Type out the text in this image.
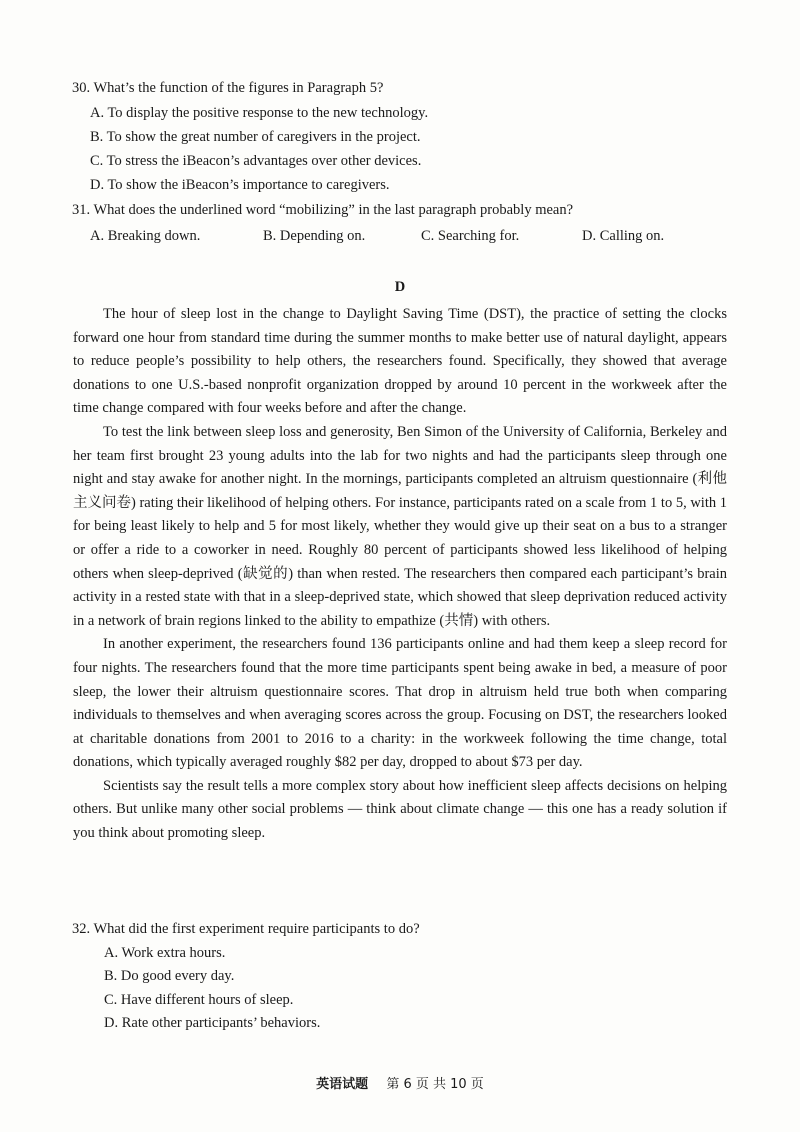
30. What’s the function of the figures in Paragraph 5?
A. To display the positive response to the new technology.
B. To show the great number of caregivers in the project.
C. To stress the iBeacon’s advantages over other devices.
D. To show the iBeacon’s importance to caregivers.
31. What does the underlined word “mobilizing” in the last paragraph probably mean?
A. Breaking down.	B. Depending on.	C. Searching for.	D. Calling on.
D

The hour of sleep lost in the change to Daylight Saving Time (DST), the practice of setting the clocks forward one hour from standard time during the summer months to make better use of natural daylight, appears to reduce people’s possibility to help others, the researchers found. Specifically, they showed that average donations to one U.S.-based nonprofit organization dropped by around 10 percent in the workweek after the time change compared with four weeks before and after the change.

To test the link between sleep loss and generosity, Ben Simon of the University of California, Berkeley and her team first brought 23 young adults into the lab for two nights and had the participants sleep through one night and stay awake for another night. In the mornings, participants completed an altruism questionnaire (利他主义问卷) rating their likelihood of helping others. For instance, participants rated on a scale from 1 to 5, with 1 for being least likely to help and 5 for most likely, whether they would give up their seat on a bus to a stranger or offer a ride to a coworker in need. Roughly 80 percent of participants showed less likelihood of helping others when sleep-deprived (缺觉的) than when rested. The researchers then compared each participant’s brain activity in a rested state with that in a sleep-deprived state, which showed that sleep deprivation reduced activity in a network of brain regions linked to the ability to empathize (共情) with others.

In another experiment, the researchers found 136 participants online and had them keep a sleep record for four nights. The researchers found that the more time participants spent being awake in bed, a measure of poor sleep, the lower their altruism questionnaire scores. That drop in altruism held true both when comparing individuals to themselves and when averaging scores across the group. Focusing on DST, the researchers looked at charitable donations from 2001 to 2016 to a charity: in the workweek following the time change, total donations, which typically averaged roughly $82 per day, dropped to about $73 per day.

Scientists say the result tells a more complex story about how inefficient sleep affects decisions on helping others. But unlike many other social problems — think about climate change — this one has a ready solution if you think about promoting sleep.

32. What did the first experiment require participants to do?
A. Work extra hours.
B. Do good every day.
C. Have different hours of sleep.
D. Rate other participants’ behaviors.
英语试题 第 6 页 共 10 页
